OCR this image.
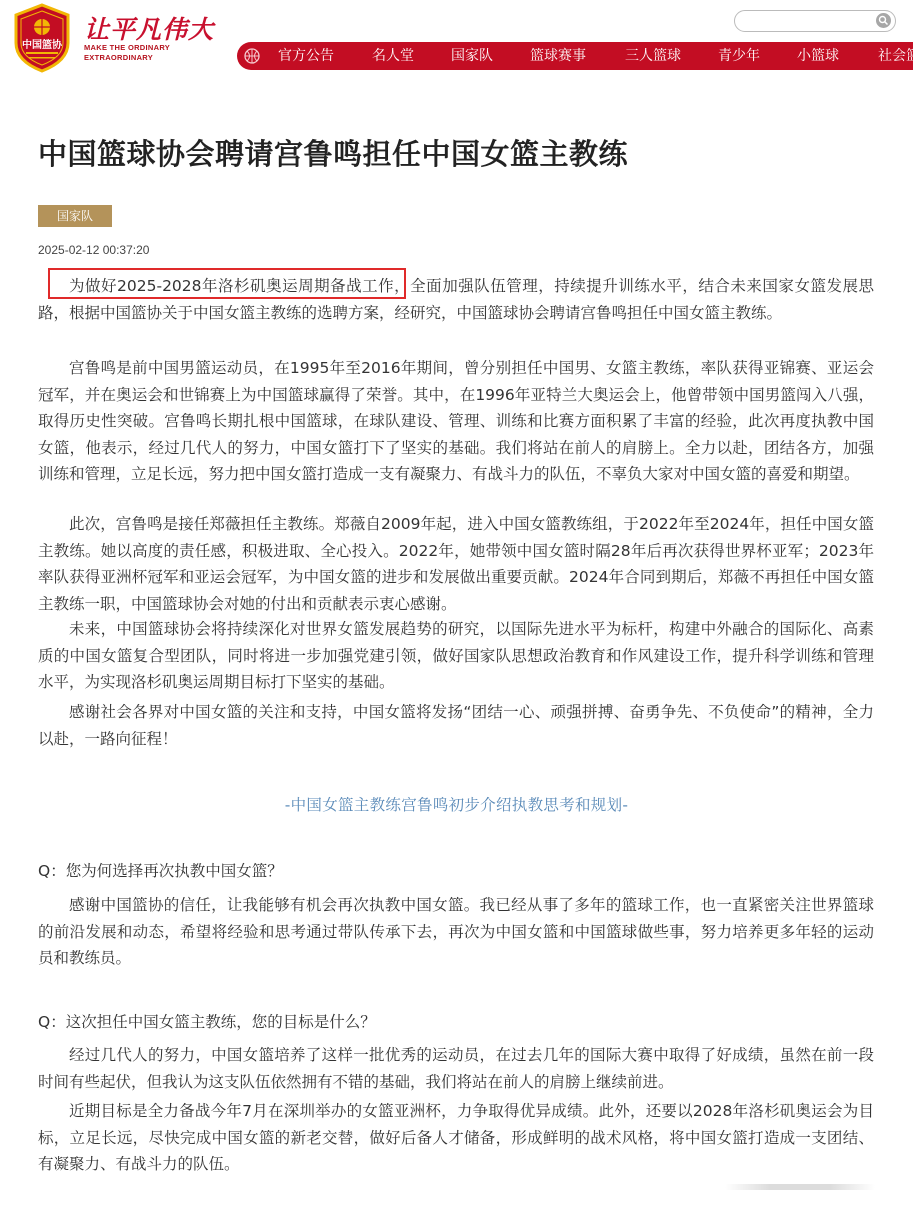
中国篮协
让平凡伟大
MAKE THE ORDINARY
EXTRAORDINARY	官方公告	名人堂	国家队	篮球赛事	三人篮球	青少年	小篮球	社会篮
中国篮球协会聘请宫鲁鸣担任中国女篮主教练
国家队
2025-02-12 00:37:20

为做好2025-2028年洛杉矶奥运周期备战工作，全面加强队伍管理，持续提升训练水平，结合未来国家女篮发展思路，根据中国篮协关于中国女篮主教练的选聘方案，经研究，中国篮球协会聘请宫鲁鸣担任中国女篮主教练。

宫鲁鸣是前中国男篮运动员，在1995年至2016年期间，曾分别担任中国男、女篮主教练，率队获得亚锦赛、亚运会冠军，并在奥运会和世锦赛上为中国篮球赢得了荣誉。其中，在1996年亚特兰大奥运会上，他曾带领中国男篮闯入八强，取得历史性突破。宫鲁鸣长期扎根中国篮球，在球队建设、管理、训练和比赛方面积累了丰富的经验，此次再度执教中国女篮，他表示，经过几代人的努力，中国女篮打下了坚实的基础。我们将站在前人的肩膀上。全力以赴，团结各方，加强训练和管理，立足长远，努力把中国女篮打造成一支有凝聚力、有战斗力的队伍，不辜负大家对中国女篮的喜爱和期望。

此次，宫鲁鸣是接任郑薇担任主教练。郑薇自2009年起，进入中国女篮教练组，于2022年至2024年，担任中国女篮主教练。她以高度的责任感，积极进取、全心投入。2022年，她带领中国女篮时隔28年后再次获得世界杯亚军；2023年率队获得亚洲杯冠军和亚运会冠军，为中国女篮的进步和发展做出重要贡献。2024年合同到期后，郑薇不再担任中国女篮主教练一职，中国篮球协会对她的付出和贡献表示衷心感谢。

未来，中国篮球协会将持续深化对世界女篮发展趋势的研究，以国际先进水平为标杆，构建中外融合的国际化、高素质的中国女篮复合型团队，同时将进一步加强党建引领，做好国家队思想政治教育和作风建设工作，提升科学训练和管理水平，为实现洛杉矶奥运周期目标打下坚实的基础。

感谢社会各界对中国女篮的关注和支持，中国女篮将发扬“团结一心、顽强拼搏、奋勇争先、不负使命”的精神，全力以赴，一路向征程！

-中国女篮主教练宫鲁鸣初步介绍执教思考和规划-

Q：您为何选择再次执教中国女篮？

感谢中国篮协的信任，让我能够有机会再次执教中国女篮。我已经从事了多年的篮球工作，也一直紧密关注世界篮球的前沿发展和动态，希望将经验和思考通过带队传承下去，再次为中国女篮和中国篮球做些事，努力培养更多年轻的运动员和教练员。

Q：这次担任中国女篮主教练，您的目标是什么？

经过几代人的努力，中国女篮培养了这样一批优秀的运动员，在过去几年的国际大赛中取得了好成绩，虽然在前一段时间有些起伏，但我认为这支队伍依然拥有不错的基础，我们将站在前人的肩膀上继续前进。

近期目标是全力备战今年7月在深圳举办的女篮亚洲杯，力争取得优异成绩。此外，还要以2028年洛杉矶奥运会为目标，立足长远，尽快完成中国女篮的新老交替，做好后备人才储备，形成鲜明的战术风格，将中国女篮打造成一支团结、有凝聚力、有战斗力的队伍。
